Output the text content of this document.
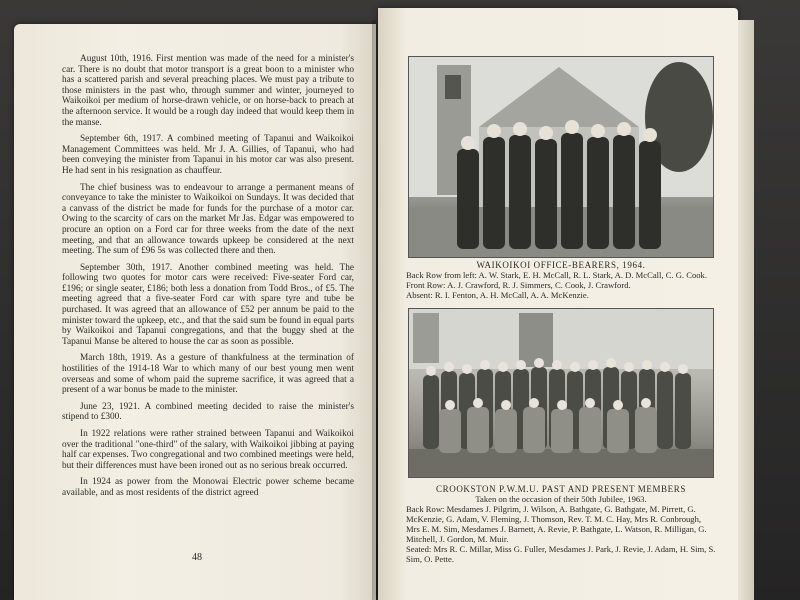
August 10th, 1916. First mention was made of the need for a minister's car. There is no doubt that motor transport is a great boon to a minister who has a scattered parish and several preaching places. We must pay a tribute to those ministers in the past who, through summer and winter, journeyed to Waikoikoi per medium of horse-drawn vehicle, or on horse-back to preach at the afternoon service. It would be a rough day indeed that would keep them in the manse.

September 6th, 1917. A combined meeting of Tapanui and Waikoikoi Management Committees was held. Mr J. A. Gillies, of Tapanui, who had been conveying the minister from Tapanui in his motor car was also present. He had sent in his resignation as chauffeur.

The chief business was to endeavour to arrange a permanent means of conveyance to take the minister to Waikoikoi on Sundays. It was decided that a canvass of the district be made for funds for the purchase of a motor car. Owing to the scarcity of cars on the market Mr Jas. Edgar was empowered to procure an option on a Ford car for three weeks from the date of the next meeting, and that an allowance towards upkeep be considered at the next meeting. The sum of £96 5s was collected there and then.

September 30th, 1917. Another combined meeting was held. The following two quotes for motor cars were received: Five-seater Ford car, £196; or single seater, £186; both less a donation from Todd Bros., of £5. The meeting agreed that a five-seater Ford car with spare tyre and tube be purchased. It was agreed that an allowance of £52 per annum be paid to the minister toward the upkeep, etc., and that the said sum be found in equal parts by Waikoikoi and Tapanui congregations, and that the buggy shed at the Tapanui Manse be altered to house the car as soon as possible.

March 18th, 1919. As a gesture of thankfulness at the termination of hostilities of the 1914-18 War to which many of our best young men went overseas and some of whom paid the supreme sacrifice, it was agreed that a present of a war bonus be made to the minister.

June 23, 1921. A combined meeting decided to raise the minister's stipend to £300.

In 1922 relations were rather strained between Tapanui and Waikoikoi over the traditional "one-third" of the salary, with Waikoikoi jibbing at paying half car expenses. Two congregational and two combined meetings were held, but their differences must have been ironed out as no serious break occurred.

In 1924 as power from the Monowai Electric power scheme became available, and as most residents of the district agreed

48
WAIKOIKOI OFFICE-BEARERS, 1964.

Back Row from left: A. W. Stark, E. H. McCall, R. L. Stark, A. D. McCall, C. G. Cook.

Front Row: A. J. Crawford, R. J. Simmers, C. Cook, J. Crawford.

Absent: R. I. Fenton, A. H. McCall, A. A. McKenzie.

CROOKSTON P.W.M.U. PAST AND PRESENT MEMBERS

Taken on the occasion of their 50th Jubilee, 1963.

Back Row: Mesdames J. Pilgrim, J. Wilson, A. Bathgate, G. Bathgate, M. Pirrett, G. McKenzie, G. Adam, V. Fleming, J. Thomson, Rev. T. M. C. Hay, Mrs R. Conbrough, Mrs E. M. Sim, Mesdames J. Barnett, A. Revie, P. Bathgate, L. Watson, R. Milligan, G. Mitchell, J. Gordon, M. Muir.

Seated: Mrs R. C. Millar, Miss G. Fuller, Mesdames J. Park, J. Revie, J. Adam, H. Sim, S. Sim, O. Pette.
